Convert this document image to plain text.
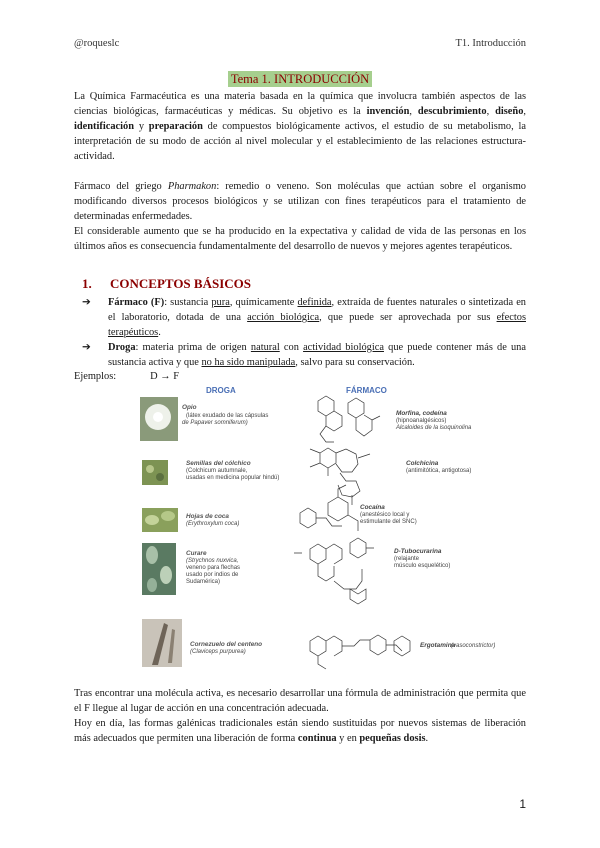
@roqueslc	T1. Introducción
Tema 1. INTRODUCCIÓN
La Química Farmacéutica es una materia basada en la química que involucra también aspectos de las ciencias biológicas, farmacéuticas y médicas. Su objetivo es la invención, descubrimiento, diseño, identificación y preparación de compuestos biológicamente activos, el estudio de su metabolismo, la interpretación de su modo de acción al nivel molecular y el establecimiento de las relaciones estructura-actividad.
Fármaco del griego Pharmakon: remedio o veneno. Son moléculas que actúan sobre el organismo modificando diversos procesos biológicos y se utilizan con fines terapéuticos para el tratamiento de determinadas enfermedades.
El considerable aumento que se ha producido en la expectativa y calidad de vida de las personas en los últimos años es consecuencia fundamentalmente del desarrollo de nuevos y mejores agentes terapéuticos.
1. CONCEPTOS BÁSICOS
➔ Fármaco (F): sustancia pura, químicamente definida, extraída de fuentes naturales o sintetizada en el laboratorio, dotada de una acción biológica, que puede ser aprovechada por sus efectos terapéuticos.
➔ Droga: materia prima de origen natural con actividad biológica que puede contener más de una sustancia activa y que no ha sido manipulada, salvo para su conservación.
Ejemplos:	D → F
DROGA	FÁRMACO
Opio
(látex exudado de las cápsulas
de Papaver somniferum)
Morfina, codeína
(hipnoanalgésicos)
Alcaloides de la isoquinolina
Semillas del cólchico
(Colchicum autumnale,
usadas en medicina popular hindú)
Colchicina
(antimitótica, antigotosa)
Hojas de coca
(Erythroxylum coca)
Cocaína
(anestésico local y
estimulante del SNC)
Curare
(Strychnos nuxvica,
veneno para flechas
usado por indios de
Sudamérica)
D-Tubocurarina
(relajante
músculo esquelético)
Cornezuelo del centeno
(Claviceps purpurea)
Ergotamina
(vasoconstrictor)
Tras encontrar una molécula activa, es necesario desarrollar una fórmula de administración que permita que el F llegue al lugar de acción en una concentración adecuada.
Hoy en día, las formas galénicas tradicionales están siendo sustituidas por nuevos sistemas de liberación más adecuados que permiten una liberación de forma continua y en pequeñas dosis.
1
